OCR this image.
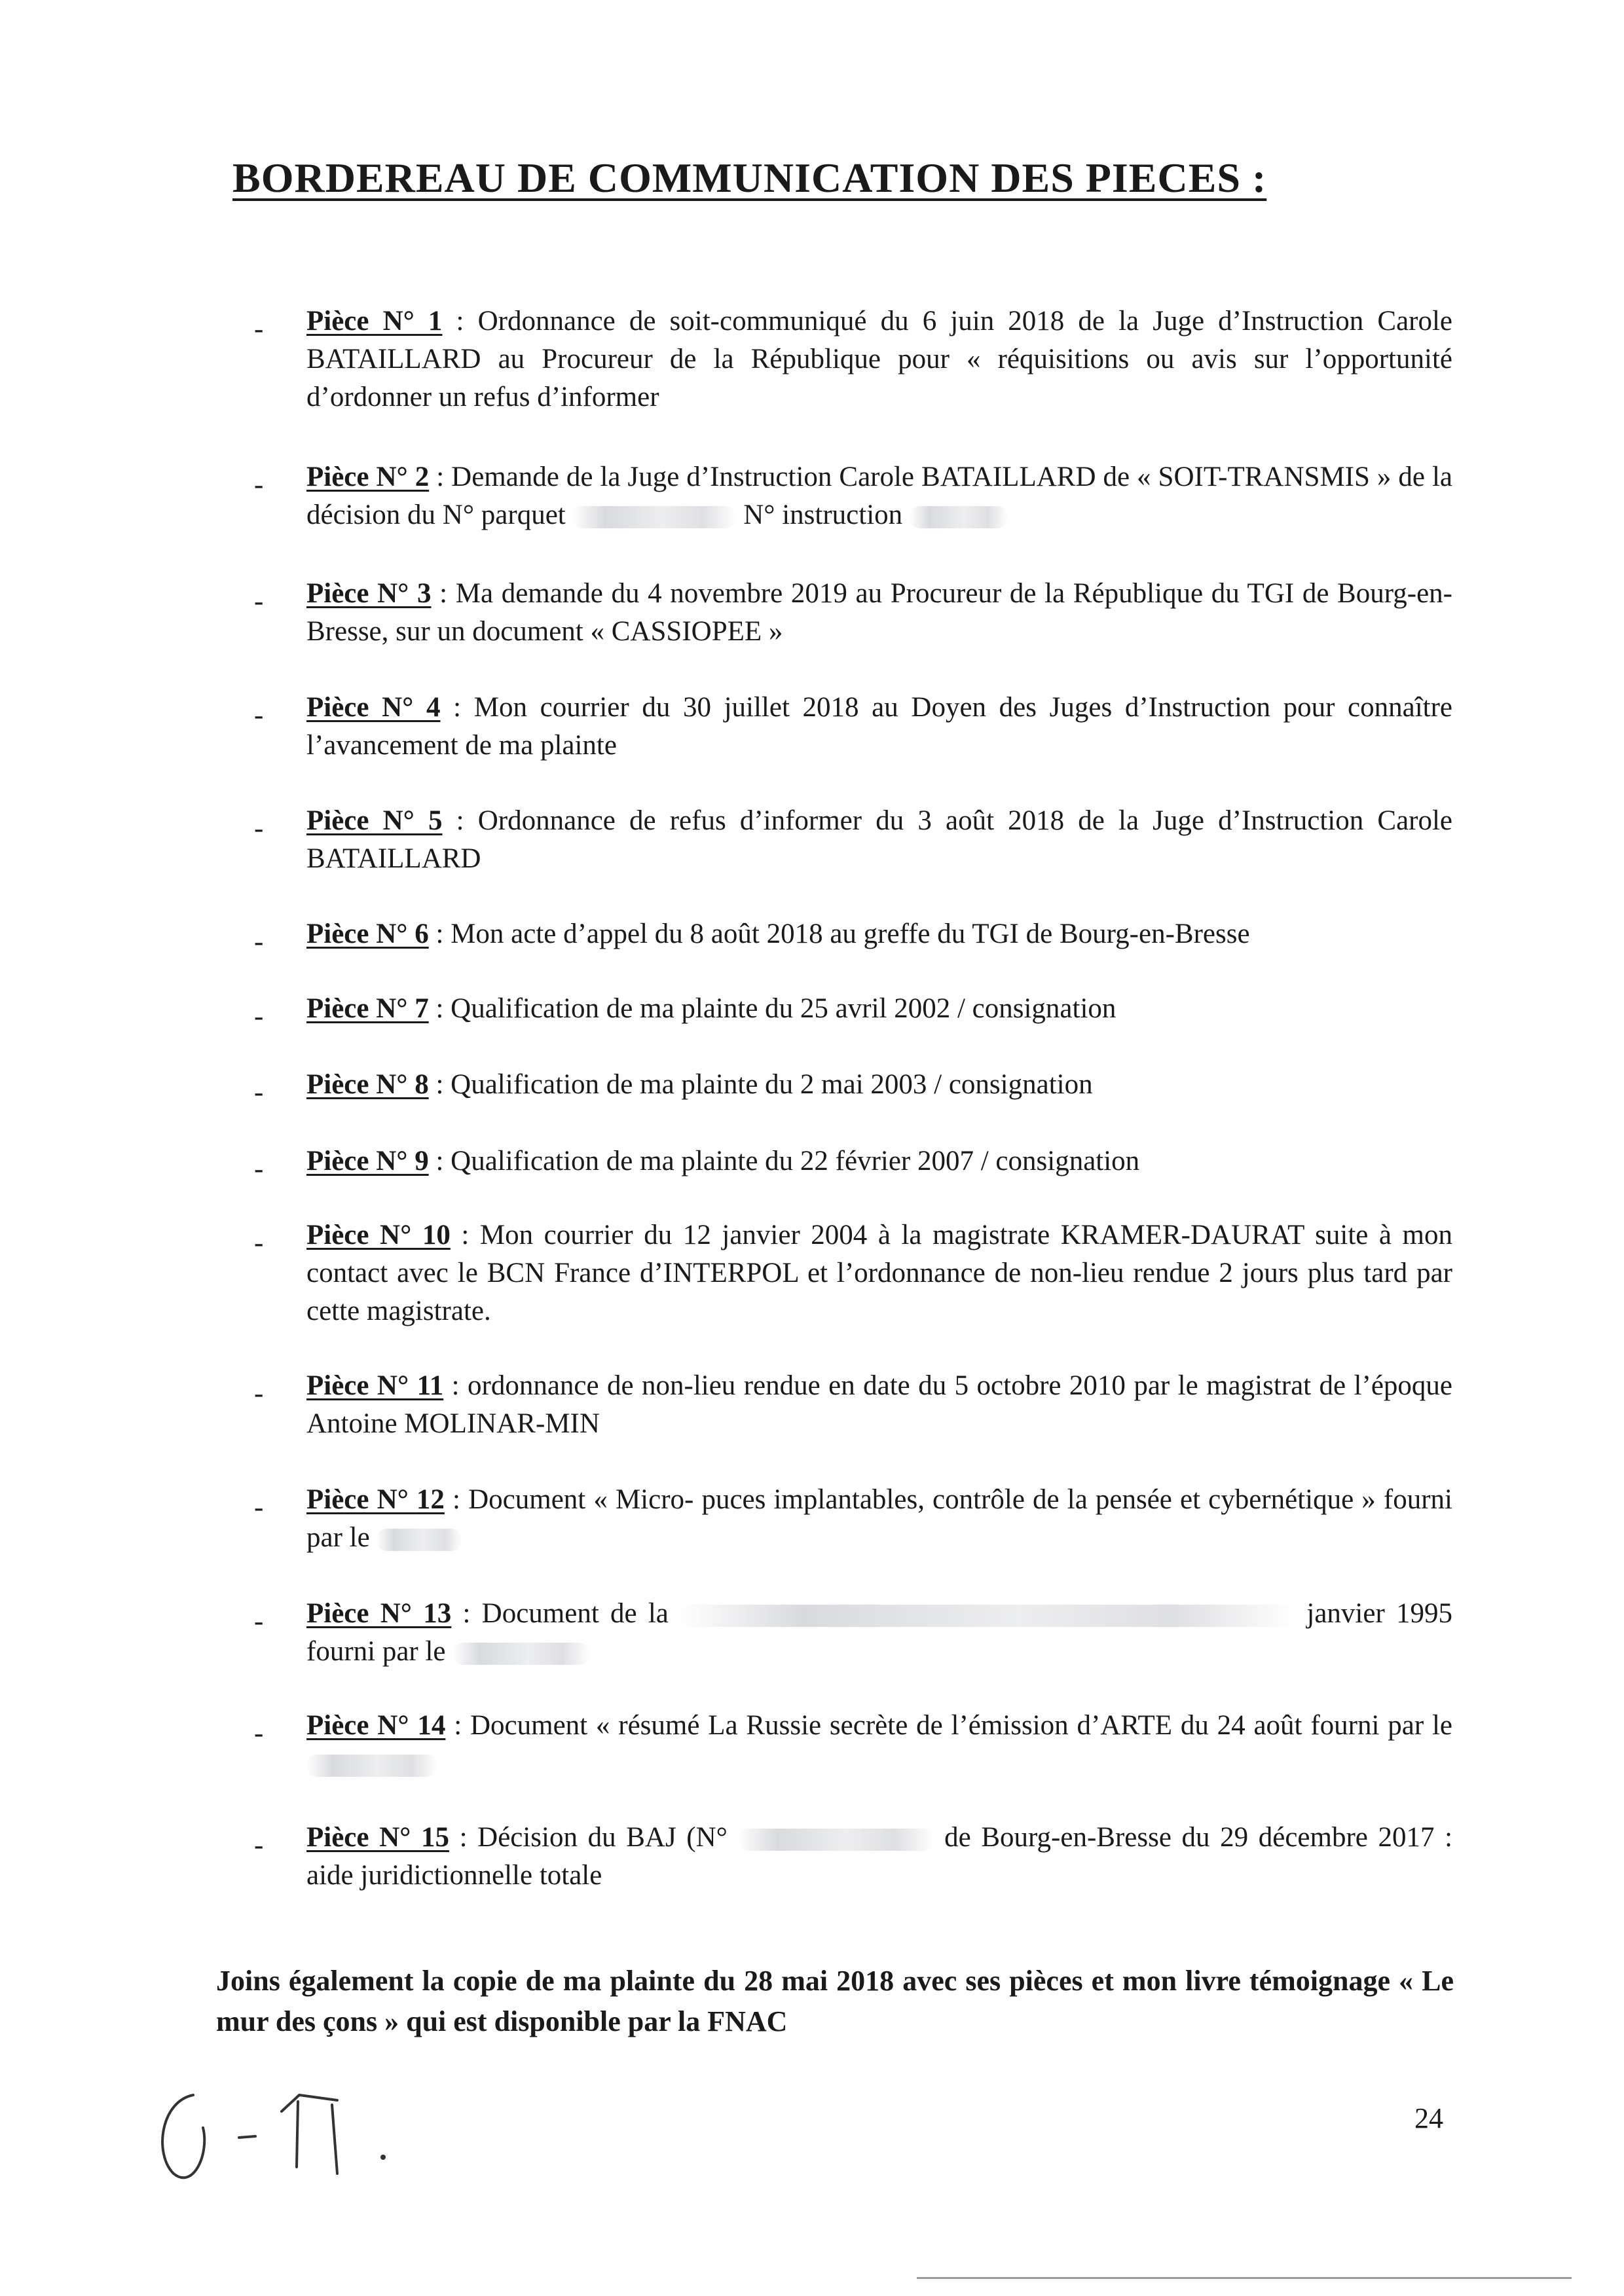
BORDEREAU DE COMMUNICATION DES PIECES :
- Pièce N° 1 : Ordonnance de soit-communiqué du 6 juin 2018 de la Juge d’Instruction Carole BATAILLARD au Procureur de la République pour « réquisitions ou avis sur l’opportunité d’ordonner un refus d’informer
- Pièce N° 2 : Demande de la Juge d’Instruction Carole BATAILLARD de « SOIT-TRANSMIS » de la décision du N° parquet	N° instruction
- Pièce N° 3 : Ma demande du 4 novembre 2019 au Procureur de la République du TGI de Bourg-en-Bresse, sur un document « CASSIOPEE »
- Pièce N° 4 : Mon courrier du 30 juillet 2018 au Doyen des Juges d’Instruction pour connaître l’avancement de ma plainte
- Pièce N° 5 : Ordonnance de refus d’informer du 3 août 2018 de la Juge d’Instruction Carole BATAILLARD
- Pièce N° 6 : Mon acte d’appel du 8 août 2018 au greffe du TGI de Bourg-en-Bresse
- Pièce N° 7 : Qualification de ma plainte du 25 avril 2002 / consignation
- Pièce N° 8 : Qualification de ma plainte du 2 mai 2003 / consignation
- Pièce N° 9 : Qualification de ma plainte du 22 février 2007 / consignation
- Pièce N° 10 : Mon courrier du 12 janvier 2004 à la magistrate KRAMER-DAURAT suite à mon contact avec le BCN France d’INTERPOL et l’ordonnance de non-lieu rendue 2 jours plus tard par cette magistrate.
- Pièce N° 11 : ordonnance de non-lieu rendue en date du 5 octobre 2010 par le magistrat de l’époque Antoine MOLINAR-MIN
- Pièce N° 12 : Document « Micro- puces implantables, contrôle de la pensée et cybernétique » fourni par le
- Pièce N° 13 : Document de la	janvier 1995 fourni par le
- Pièce N° 14 : Document « résumé La Russie secrète de l’émission d’ARTE du 24 août fourni par le
- Pièce N° 15 : Décision du BAJ (N°	de Bourg-en-Bresse du 29 décembre 2017 : aide juridictionnelle totale

Joins également la copie de ma plainte du 28 mai 2018 avec ses pièces et mon livre témoignage « Le mur des çons » qui est disponible par la FNAC

24
